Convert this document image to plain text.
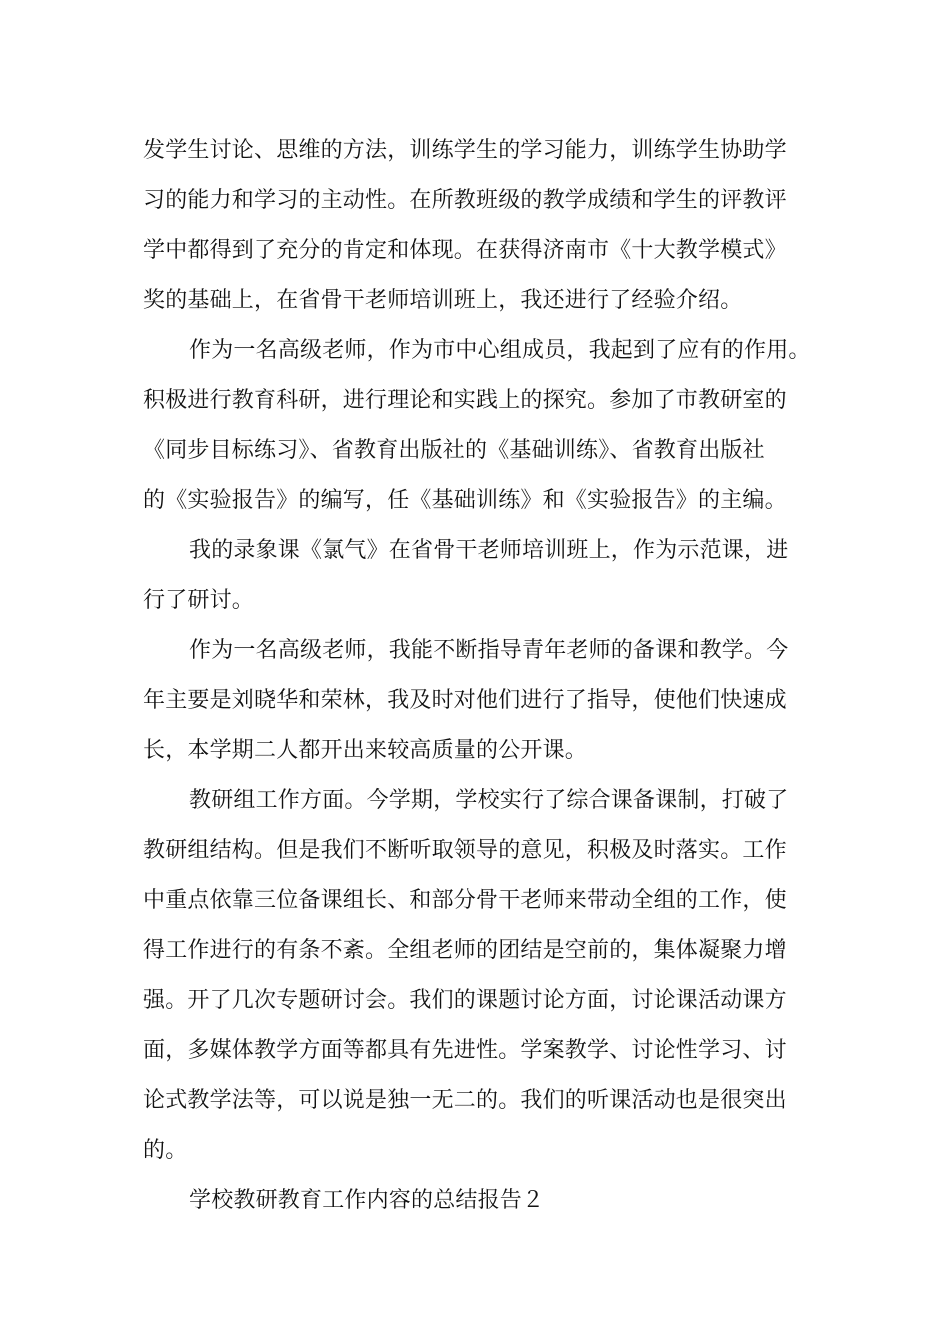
发学生讨论、思维的方法，训练学生的学习能力，训练学生协助学
习的能力和学习的主动性。在所教班级的教学成绩和学生的评教评
学中都得到了充分的肯定和体现。在获得济南市《十大教学模式》
奖的基础上，在省骨干老师培训班上，我还进行了经验介绍。
作为一名高级老师，作为市中心组成员，我起到了应有的作用。
积极进行教育科研，进行理论和实践上的探究。参加了市教研室的
《同步目标练习》、省教育出版社的《基础训练》、省教育出版社
的《实验报告》的编写，任《基础训练》和《实验报告》的主编。
我的录象课《氯气》在省骨干老师培训班上，作为示范课，进
行了研讨。
作为一名高级老师，我能不断指导青年老师的备课和教学。今
年主要是刘晓华和荣林，我及时对他们进行了指导，使他们快速成
长，本学期二人都开出来较高质量的公开课。
教研组工作方面。今学期，学校实行了综合课备课制，打破了
教研组结构。但是我们不断听取领导的意见，积极及时落实。工作
中重点依靠三位备课组长、和部分骨干老师来带动全组的工作，使
得工作进行的有条不紊。全组老师的团结是空前的，集体凝聚力增
强。开了几次专题研讨会。我们的课题讨论方面，讨论课活动课方
面，多媒体教学方面等都具有先进性。学案教学、讨论性学习、讨
论式教学法等，可以说是独一无二的。我们的听课活动也是很突出
的。
学校教研教育工作内容的总结报告２
